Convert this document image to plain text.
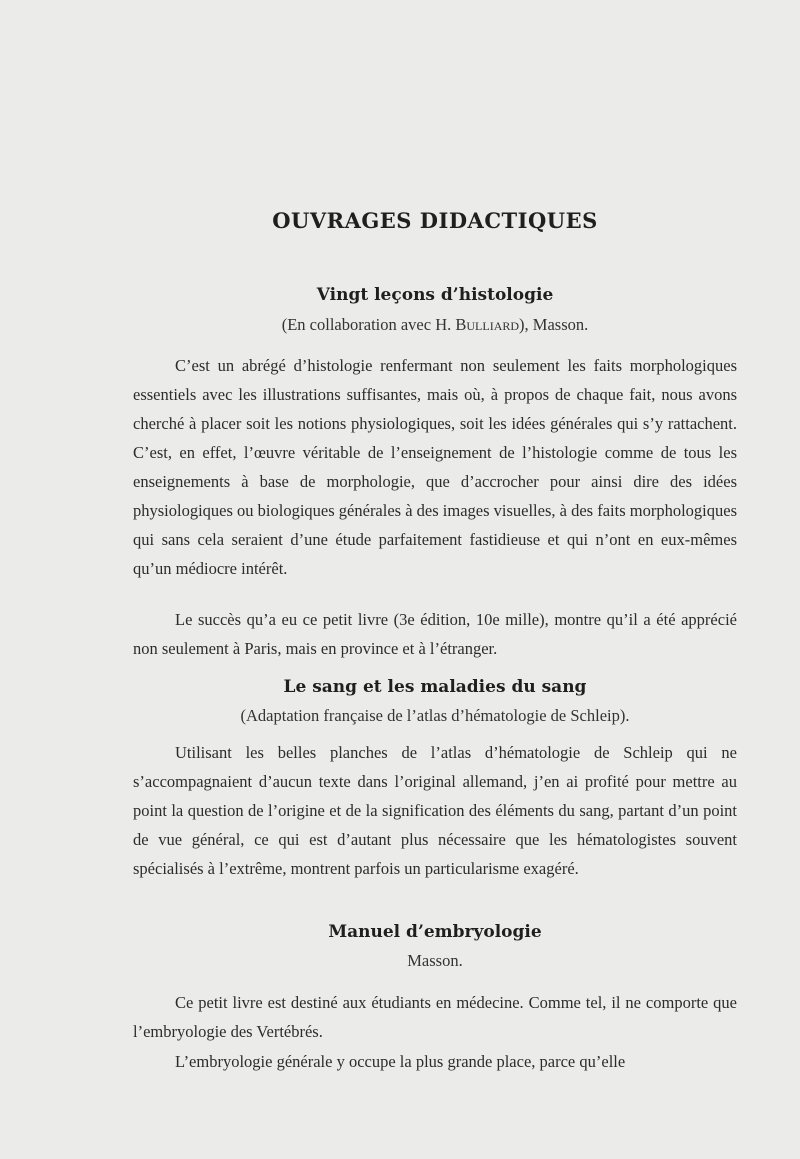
OUVRAGES DIDACTIQUES
Vingt leçons d’histologie
(En collaboration avec H. Bulliard), Masson.

C’est un abrégé d’histologie renfermant non seulement les faits morphologiques essentiels avec les illustrations suffisantes, mais où, à propos de chaque fait, nous avons cherché à placer soit les notions physiologiques, soit les idées générales qui s’y rattachent. C’est, en effet, l’œuvre véritable de l’enseignement de l’histologie comme de tous les enseignements à base de morphologie, que d’accrocher pour ainsi dire des idées physiologiques ou biologiques générales à des images visuelles, à des faits morphologiques qui sans cela seraient d’une étude parfaitement fastidieuse et qui n’ont en eux-mêmes qu’un médiocre intérêt.

Le succès qu’a eu ce petit livre (3e édition, 10e mille), montre qu’il a été apprécié non seulement à Paris, mais en province et à l’étranger.

Le sang et les maladies du sang
(Adaptation française de l’atlas d’hématologie de Schleip).

Utilisant les belles planches de l’atlas d’hématologie de Schleip qui ne s’accompagnaient d’aucun texte dans l’original allemand, j’en ai profité pour mettre au point la question de l’origine et de la signification des éléments du sang, partant d’un point de vue général, ce qui est d’autant plus nécessaire que les hématologistes souvent spécialisés à l’extrême, montrent parfois un particularisme exagéré.

Manuel d’embryologie
Masson.

Ce petit livre est destiné aux étudiants en médecine. Comme tel, il ne comporte que l’embryologie des Vertébrés.

L’embryologie générale y occupe la plus grande place, parce qu’elle
